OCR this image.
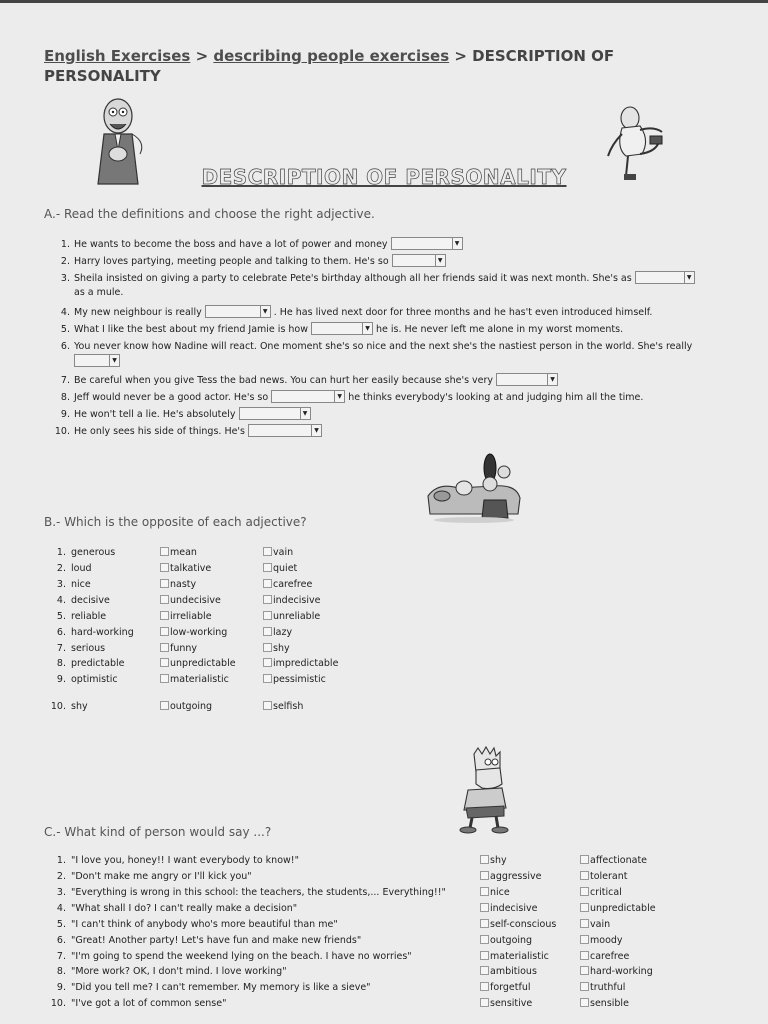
English Exercises > describing people exercises > DESCRIPTION OF PERSONALITY
DESCRIPTION OF PERSONALITY
A.- Read the definitions and choose the right adjective.
1. He wants to become the boss and have a lot of power and money	▼
2. Harry loves partying, meeting people and talking to them. He's so	▼
3. Sheila insisted on giving a party to celebrate Pete's birthday although all her friends said it was next month. She's as	▼

as a mule.
4. My new neighbour is really	▼ . He has lived next door for three months and he has't even introduced himself.
5. What I like the best about my friend Jamie is how	▼ he is. He never left me alone in my worst moments.
6. You never know how Nadine will react. One moment she's so nice and the next she's the nastiest person in the world. She's really

▼
7. Be careful when you give Tess the bad news. You can hurt her easily because she's very	▼
8. Jeff would never be a good actor. He's so	▼ he thinks everybody's looking at and judging him all the time.
9. He won't tell a lie. He's absolutely	▼
10. He only sees his side of things. He's	▼
B.- Which is the opposite of each adjective?
1. generous	mean	vain
2. loud	talkative	quiet
3. nice	nasty	carefree
4. decisive	undecisive	indecisive
5. reliable	irreliable	unreliable
6. hard-working	low-working	lazy
7. serious	funny	shy
8. predictable	unpredictable	impredictable
9. optimistic	materialistic	pessimistic
10. shy	outgoing	selfish
C.- What kind of person would say ...?
1. "I love you, honey!! I want everybody to know!"	shy	affectionate
2. "Don't make me angry or I'll kick you"	aggressive	tolerant
3. "Everything is wrong in this school: the teachers, the students,... Everything!!"	nice	critical
4. "What shall I do? I can't really make a decision"	indecisive	unpredictable
5. "I can't think of anybody who's more beautiful than me"	self-conscious	vain
6. "Great! Another party! Let's have fun and make new friends"	outgoing	moody
7. "I'm going to spend the weekend lying on the beach. I have no worries"	materialistic	carefree
8. "More work? OK, I don't mind. I love working"	ambitious	hard-working
9. "Did you tell me? I can't remember. My memory is like a sieve"	forgetful	truthful
10. "I've got a lot of common sense"	sensitive	sensible
